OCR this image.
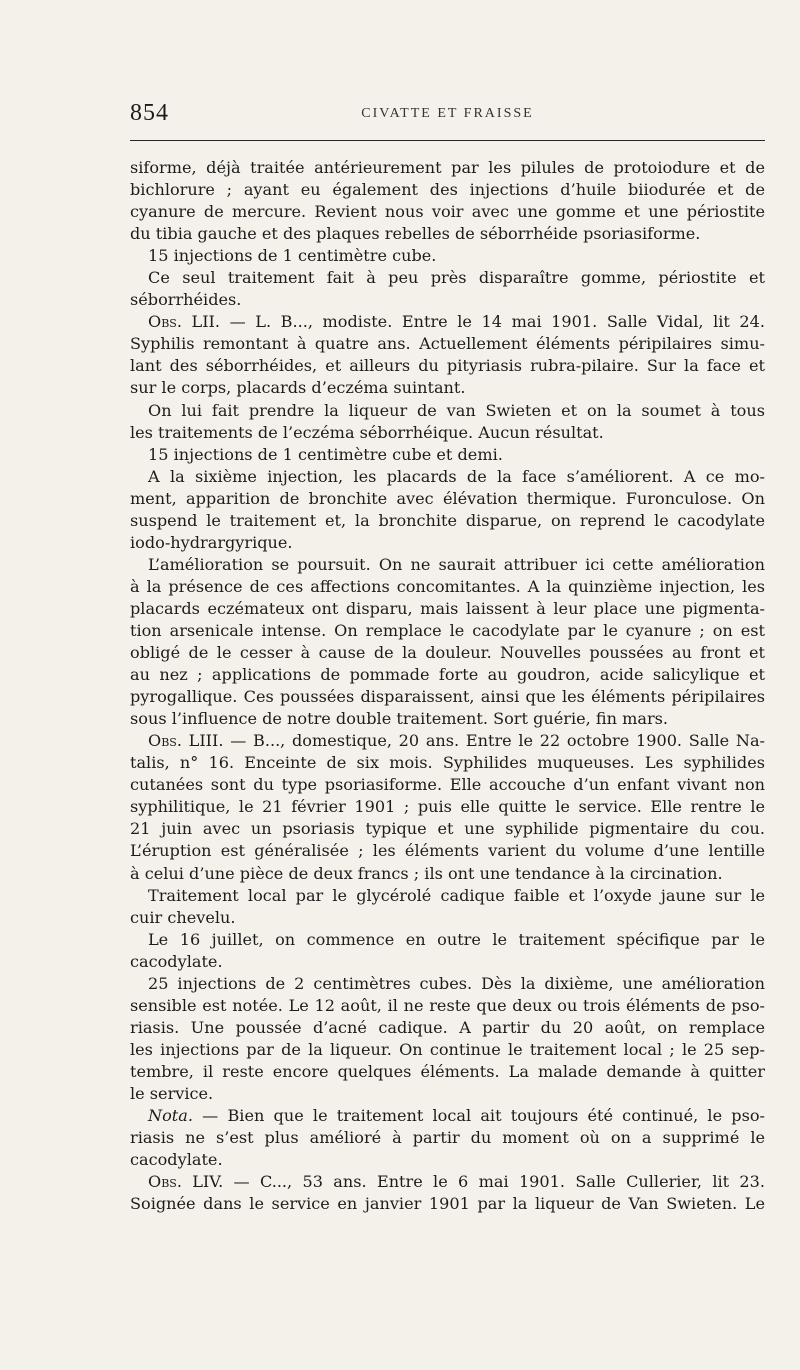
854	CIVATTE ET FRAISSE
siforme, déjà traitée antérieurement par les pilules de protoiodure et de
bichlorure ; ayant eu également des injections d’huile biiodurée et de
cyanure de mercure. Revient nous voir avec une gomme et une périostite
du tibia gauche et des plaques rebelles de séborrhéide psoriasiforme.
15 injections de 1 centimètre cube.
Ce seul traitement fait à peu près disparaître gomme, périostite et
séborrhéides.
Obs. LII. — L. B..., modiste. Entre le 14 mai 1901. Salle Vidal, lit 24.
Syphilis remontant à quatre ans. Actuellement éléments péripilaires simu-
lant des séborrhéides, et ailleurs du pityriasis rubra-pilaire. Sur la face et
sur le corps, placards d’eczéma suintant.
On lui fait prendre la liqueur de van Swieten et on la soumet à tous
les traitements de l’eczéma séborrhéique. Aucun résultat.
15 injections de 1 centimètre cube et demi.
A la sixième injection, les placards de la face s’améliorent. A ce mo-
ment, apparition de bronchite avec élévation thermique. Furonculose. On
suspend le traitement et, la bronchite disparue, on reprend le cacodylate
iodo-hydrargyrique.
L’amélioration se poursuit. On ne saurait attribuer ici cette amélioration
à la présence de ces affections concomitantes. A la quinzième injection, les
placards eczémateux ont disparu, mais laissent à leur place une pigmenta-
tion arsenicale intense. On remplace le cacodylate par le cyanure ; on est
obligé de le cesser à cause de la douleur. Nouvelles poussées au front et
au nez ; applications de pommade forte au goudron, acide salicylique et
pyrogallique. Ces poussées disparaissent, ainsi que les éléments péripilaires
sous l’influence de notre double traitement. Sort guérie, fin mars.
Obs. LIII. — B..., domestique, 20 ans. Entre le 22 octobre 1900. Salle Na-
talis, n° 16. Enceinte de six mois. Syphilides muqueuses. Les syphilides
cutanées sont du type psoriasiforme. Elle accouche d’un enfant vivant non
syphilitique, le 21 février 1901 ; puis elle quitte le service. Elle rentre le
21 juin avec un psoriasis typique et une syphilide pigmentaire du cou.
L’éruption est généralisée ; les éléments varient du volume d’une lentille
à celui d’une pièce de deux francs ; ils ont une tendance à la circination.
Traitement local par le glycérolé cadique faible et l’oxyde jaune sur le
cuir chevelu.
Le 16 juillet, on commence en outre le traitement spécifique par le
cacodylate.
25 injections de 2 centimètres cubes. Dès la dixième, une amélioration
sensible est notée. Le 12 août, il ne reste que deux ou trois éléments de pso-
riasis. Une poussée d’acné cadique. A partir du 20 août, on remplace
les injections par de la liqueur. On continue le traitement local ; le 25 sep-
tembre, il reste encore quelques éléments. La malade demande à quitter
le service.
Nota. — Bien que le traitement local ait toujours été continué, le pso-
riasis ne s’est plus amélioré à partir du moment où on a supprimé le
cacodylate.
Obs. LIV. — C..., 53 ans. Entre le 6 mai 1901. Salle Cullerier, lit 23.
Soignée dans le service en janvier 1901 par la liqueur de Van Swieten. Le
